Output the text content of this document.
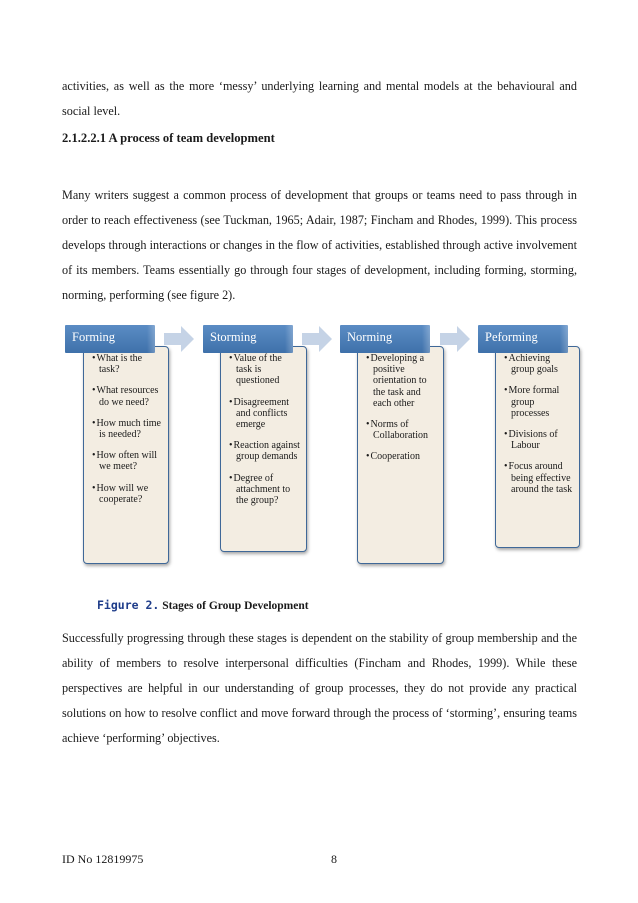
activities, as well as the more ‘messy’ underlying learning and mental models at the behavioural and social level.

2.1.2.2.1 A process of team development

Many writers suggest a common process of development that groups or teams need to pass through in order to reach effectiveness (see Tuckman, 1965; Adair, 1987; Fincham and Rhodes, 1999). This process develops through interactions or changes in the flow of activities, established through active involvement of its members. Teams essentially go through four stages of development, including forming, storming, norming, performing (see figure 2).

• What is the task?
• What resources do we need?
• How much time is needed?
• How often will we meet?
• How will we cooperate?
Forming
• Value of the task is questioned
• Disagreement and conflicts emerge
• Reaction against group demands
• Degree of attachment to the group?
Storming
• Developing a positive orientation to the task and each other
• Norms of Collaboration
• Cooperation
Norming
• Achieving group goals
• More formal group processes
• Divisions of Labour
• Focus around being effective around the task
Peforming

Figure 2. Stages of Group Development

Successfully progressing through these stages is dependent on the stability of group membership and the ability of members to resolve interpersonal difficulties (Fincham and Rhodes, 1999). While these perspectives are helpful in our understanding of group processes, they do not provide any practical solutions on how to resolve conflict and move forward through the process of ‘storming’, ensuring teams achieve ‘performing’ objectives.

ID No 12819975	8
